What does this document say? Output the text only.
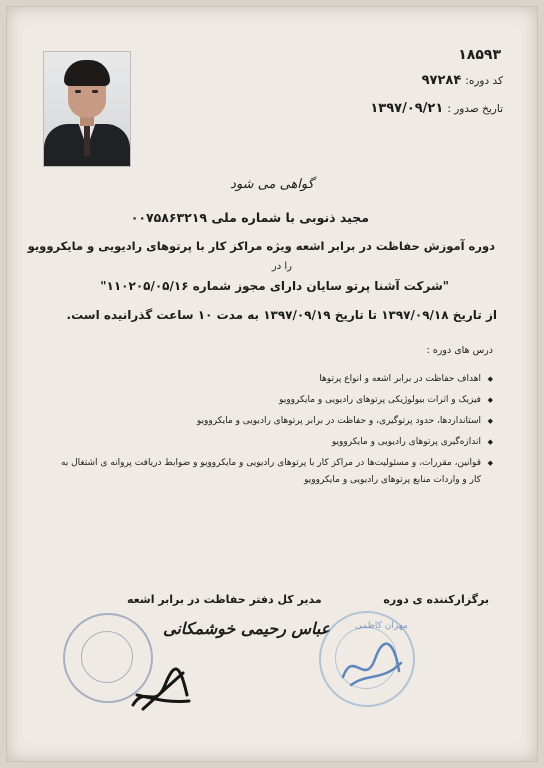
۱۸۵۹۳
کد دوره:۹۷۲۸۴
تاریخ صدور :۱۳۹۷/۰۹/۲۱
گواهی می شود
مجید ذنوبی با شماره ملی ۰۰۷۵۸۶۳۲۱۹
دوره آموزش حفاظت در برابر اشعه ویژه مراکز کار با پرتوهای رادیویی و مایکروویو
را در
"شرکت آشنا پرتو سایان دارای مجوز شماره ۱۱۰۲۰۵/۰۵/۱۶"
از تاریخ ۱۳۹۷/۰۹/۱۸ تا تاریخ ۱۳۹۷/۰۹/۱۹ به مدت ۱۰ ساعت گذرانیده است.
درس های دوره :
◆ اهداف حفاظت در برابر اشعه و انواع پرتوها
◆ فیزیک و اثرات بیولوژیکی پرتوهای رادیویی و مایکروویو
◆ استانداردها، حدود پرتوگیری، و حفاظت در برابر پرتوهای رادیویی و مایکروویو
◆ اندازه‌گیری پرتوهای رادیویی و مایکروویو
◆ قوانین، مقررات، و مسئولیت‌ها در مراکز کار با پرتوهای رادیویی و مایکروویو و ضوابط دریافت پروانه ی اشتغال به کار و واردات منابع پرتوهای رادیویی و مایکروویو
مدیر کل دفتر حفاظت در برابر اشعه	برگزارکننده ی دوره
عباس رحیمی خوشمکانی	مهران کاظمی
